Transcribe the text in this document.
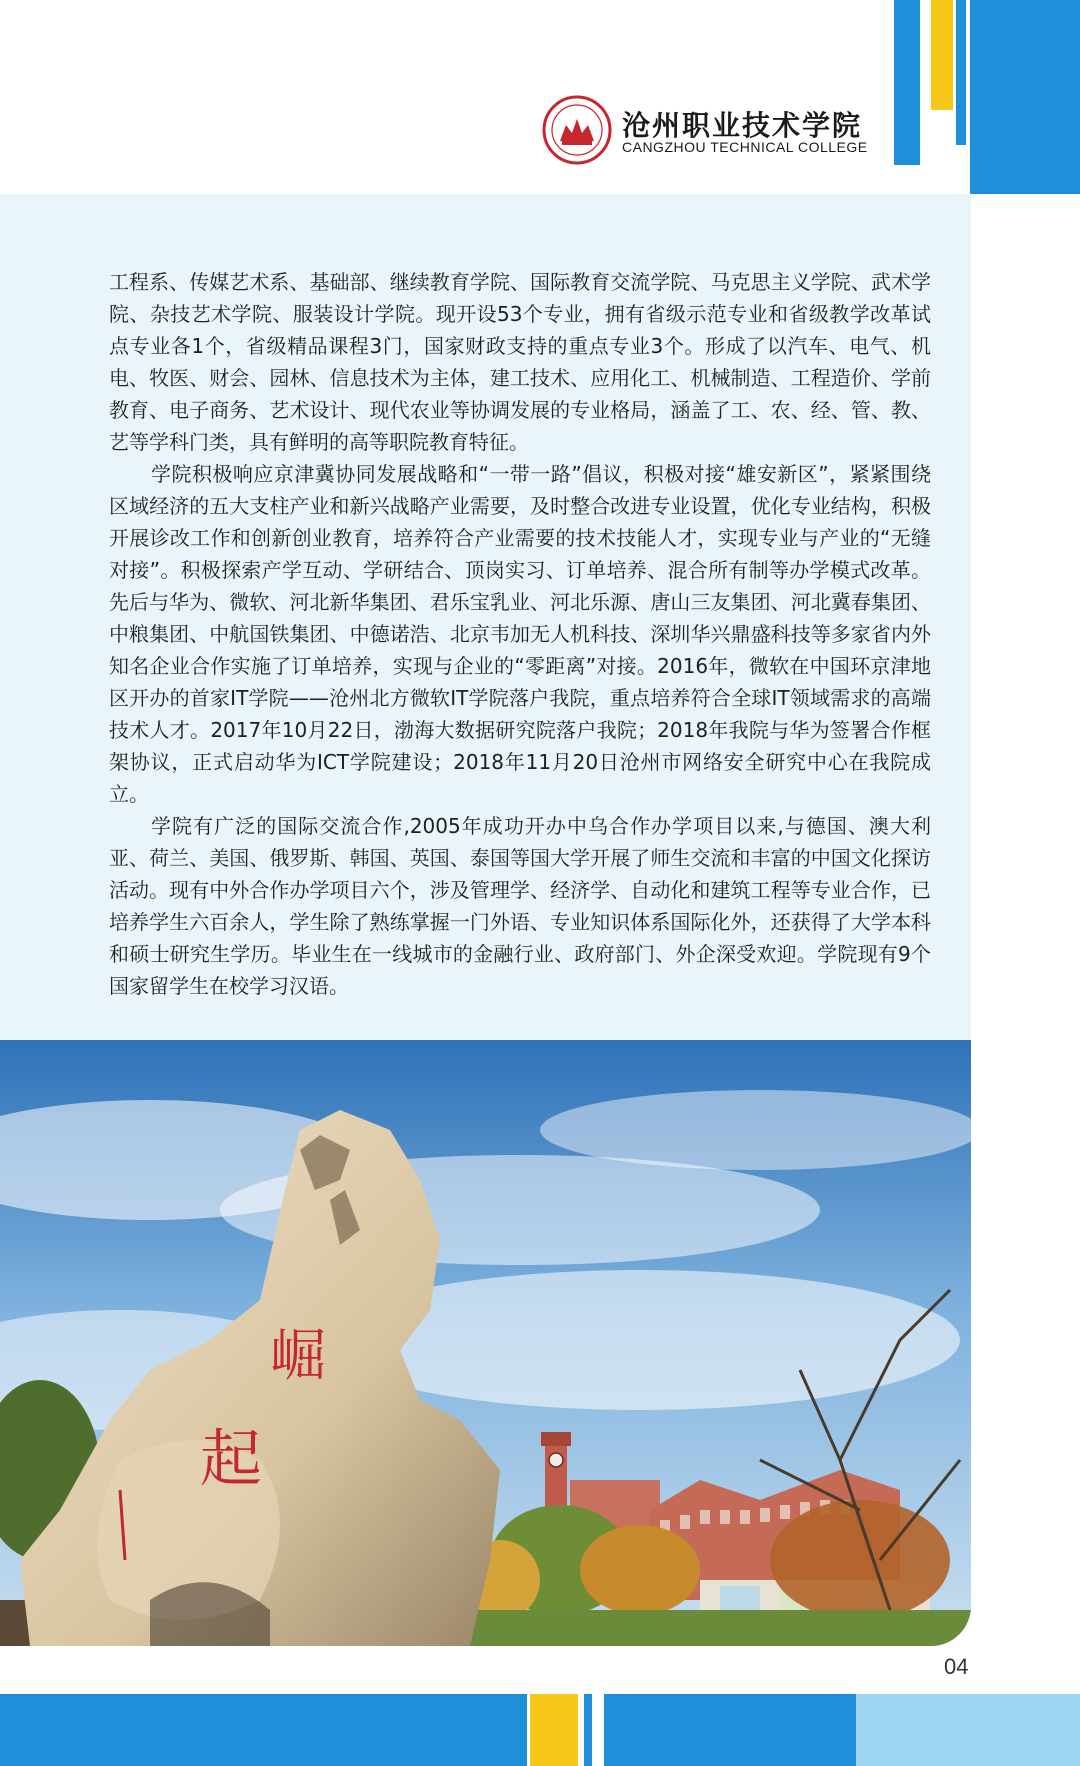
沧州职业技术学院
CANGZHOU TECHNICAL COLLEGE

工程系、传媒艺术系、基础部、继续教育学院、国际教育交流学院、马克思主义学院、武术学院、杂技艺术学院、服装设计学院。现开设53个专业，拥有省级示范专业和省级教学改革试点专业各1个，省级精品课程3门，国家财政支持的重点专业3个。形成了以汽车、电气、机电、牧医、财会、园林、信息技术为主体，建工技术、应用化工、机械制造、工程造价、学前教育、电子商务、艺术设计、现代农业等协调发展的专业格局，涵盖了工、农、经、管、教、艺等学科门类，具有鲜明的高等职院教育特征。

学院积极响应京津冀协同发展战略和“一带一路”倡议，积极对接“雄安新区”，紧紧围绕区域经济的五大支柱产业和新兴战略产业需要，及时整合改进专业设置，优化专业结构，积极开展诊改工作和创新创业教育，培养符合产业需要的技术技能人才，实现专业与产业的“无缝对接”。积极探索产学互动、学研结合、顶岗实习、订单培养、混合所有制等办学模式改革。先后与华为、微软、河北新华集团、君乐宝乳业、河北乐源、唐山三友集团、河北冀春集团、中粮集团、中航国铁集团、中德诺浩、北京韦加无人机科技、深圳华兴鼎盛科技等多家省内外知名企业合作实施了订单培养，实现与企业的“零距离”对接。2016年，微软在中国环京津地区开办的首家IT学院——沧州北方微软IT学院落户我院，重点培养符合全球IT领域需求的高端技术人才。2017年10月22日，渤海大数据研究院落户我院；2018年我院与华为签署合作框架协议，正式启动华为ICT学院建设；2018年11月20日沧州市网络安全研究中心在我院成立。

学院有广泛的国际交流合作,2005年成功开办中乌合作办学项目以来,与德国、澳大利亚、荷兰、美国、俄罗斯、韩国、英国、泰国等国大学开展了师生交流和丰富的中国文化探访活动。现有中外合作办学项目六个，涉及管理学、经济学、自动化和建筑工程等专业合作，已培养学生六百余人，学生除了熟练掌握一门外语、专业知识体系国际化外，还获得了大学本科和硕士研究生学历。毕业生在一线城市的金融行业、政府部门、外企深受欢迎。学院现有9个国家留学生在校学习汉语。

崛
起
04
